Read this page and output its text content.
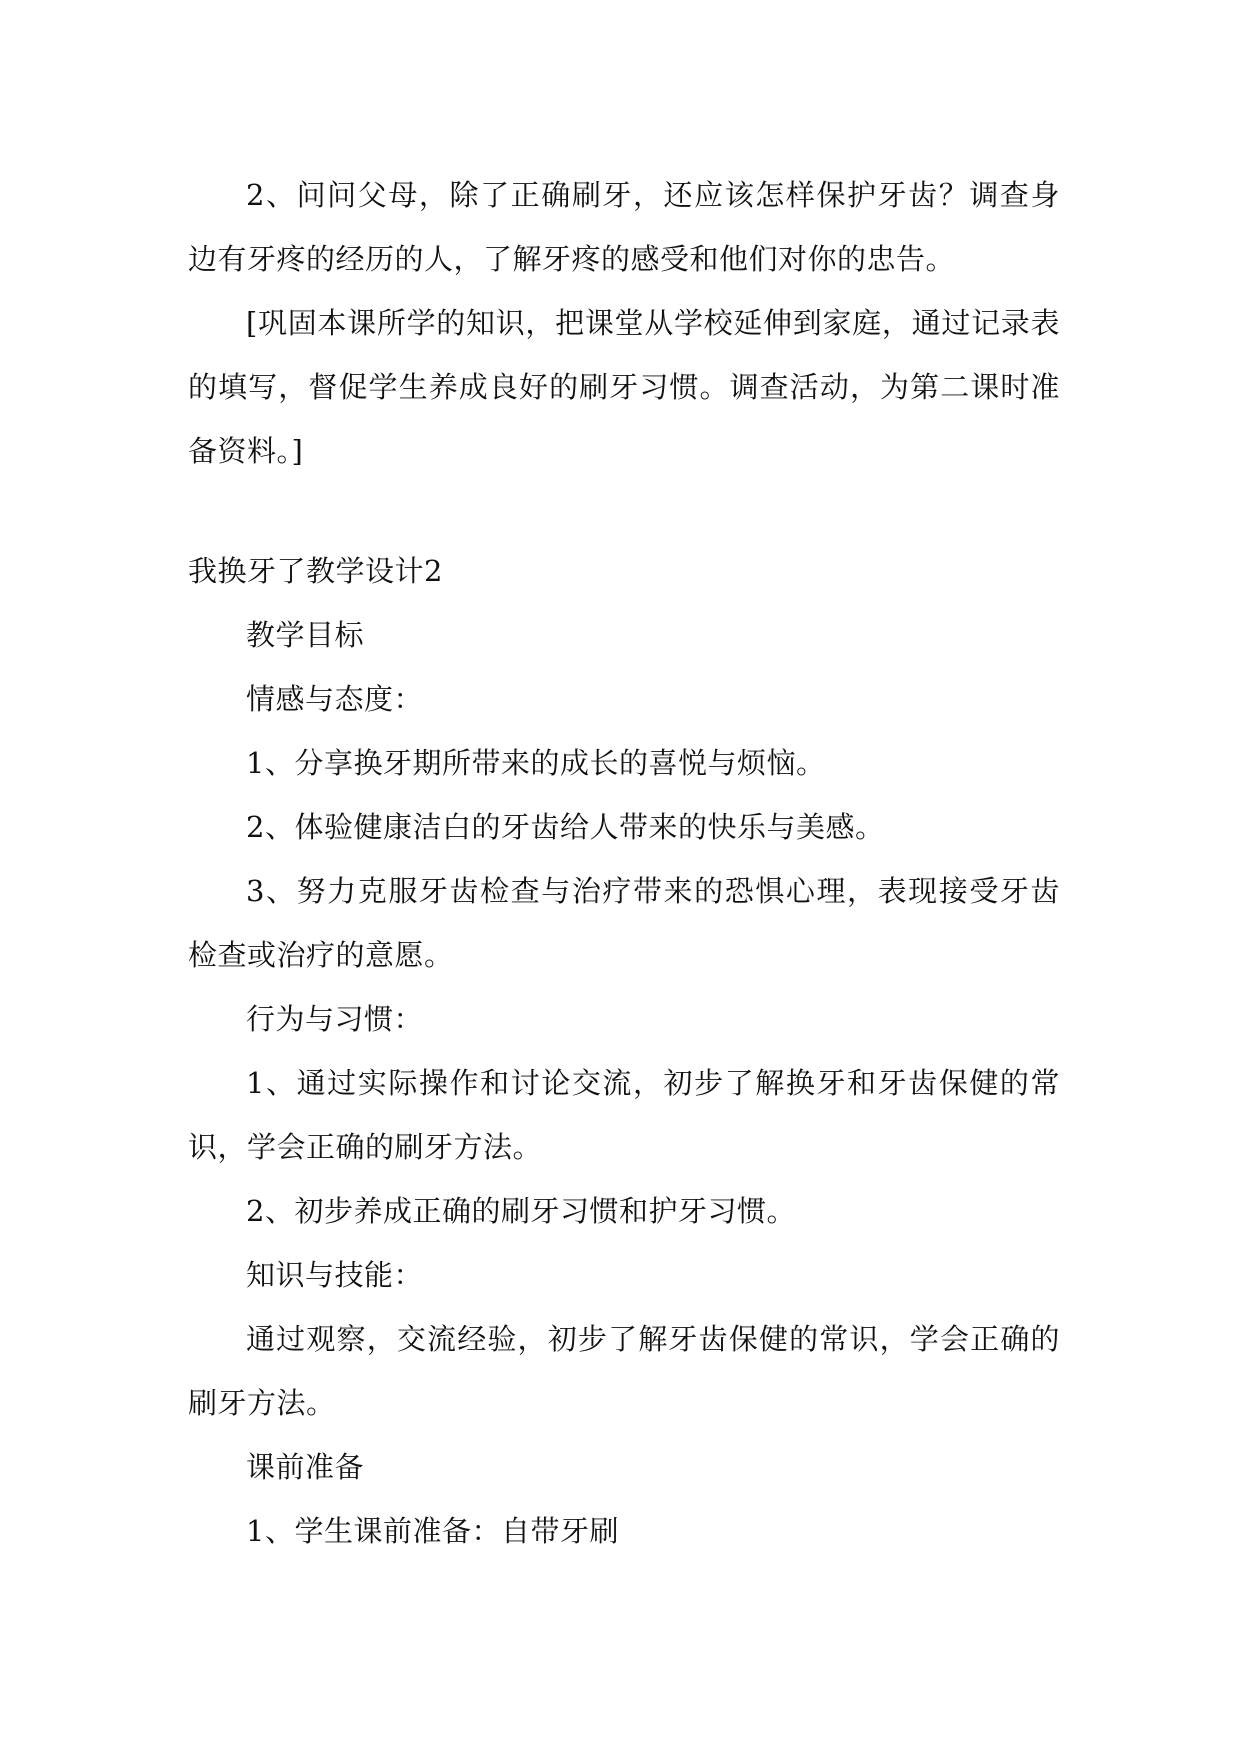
2、问问父母，除了正确刷牙，还应该怎样保护牙齿？调查身边有牙疼的经历的人，了解牙疼的感受和他们对你的忠告。

[巩固本课所学的知识，把课堂从学校延伸到家庭，通过记录表的填写，督促学生养成良好的刷牙习惯。调查活动，为第二课时准备资料。]

我换牙了教学设计2

教学目标

情感与态度：

1、分享换牙期所带来的成长的喜悦与烦恼。

2、体验健康洁白的牙齿给人带来的快乐与美感。

3、努力克服牙齿检查与治疗带来的恐惧心理，表现接受牙齿检查或治疗的意愿。

行为与习惯：

1、通过实际操作和讨论交流，初步了解换牙和牙齿保健的常识，学会正确的刷牙方法。

2、初步养成正确的刷牙习惯和护牙习惯。

知识与技能：

通过观察，交流经验，初步了解牙齿保健的常识，学会正确的刷牙方法。

课前准备

1、学生课前准备：自带牙刷
